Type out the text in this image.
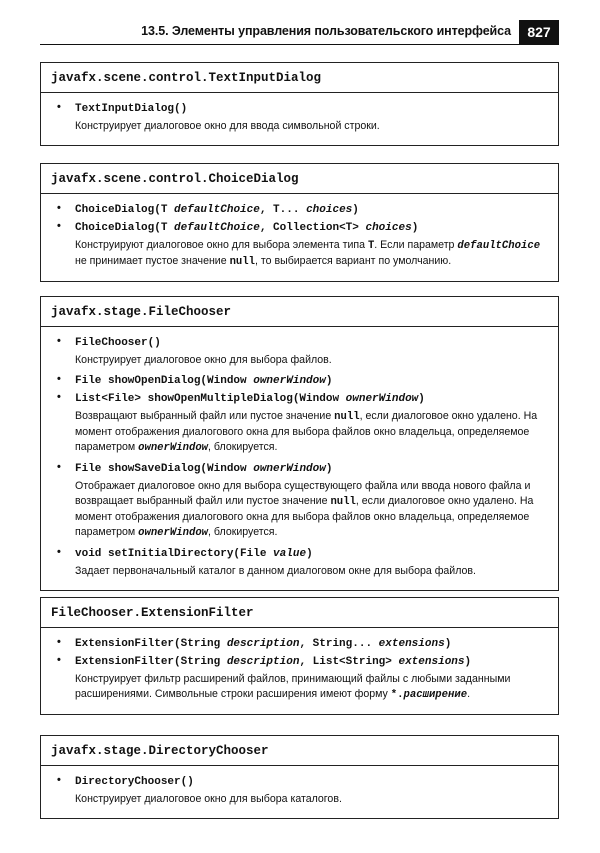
13.5. Элементы управления пользовательского интерфейса	827
javafx.scene.control.TextInputDialog
• TextInputDialog()
Конструирует диалоговое окно для ввода символьной строки.
javafx.scene.control.ChoiceDialog
• ChoiceDialog(T defaultChoice, T... choices)
• ChoiceDialog(T defaultChoice, Collection<T> choices)
Конструируют диалоговое окно для выбора элемента типа T. Если параметр defaultChoice не принимает пустое значение null, то выбирается вариант по умолчанию.
javafx.stage.FileChooser
• FileChooser()
Конструирует диалоговое окно для выбора файлов.
• File showOpenDialog(Window ownerWindow)
• List<File> showOpenMultipleDialog(Window ownerWindow)
Возвращают выбранный файл или пустое значение null, если диалоговое окно удалено. На момент отображения диалогового окна для выбора файлов окно владельца, определяемое параметром ownerWindow, блокируется.
• File showSaveDialog(Window ownerWindow)
Отображает диалоговое окно для выбора существующего файла или ввода нового файла и возвращает выбранный файл или пустое значение null, если диалоговое окно удалено. На момент отображения диалогового окна для выбора файлов окно владельца, определяемое параметром ownerWindow, блокируется.
• void setInitialDirectory(File value)
Задает первоначальный каталог в данном диалоговом окне для выбора файлов.
FileChooser.ExtensionFilter
• ExtensionFilter(String description, String... extensions)
• ExtensionFilter(String description, List<String> extensions)
Конструирует фильтр расширений файлов, принимающий файлы с любыми заданными расширениями. Символьные строки расширения имеют форму *.расширение.
javafx.stage.DirectoryChooser
• DirectoryChooser()
Конструирует диалоговое окно для выбора каталогов.
